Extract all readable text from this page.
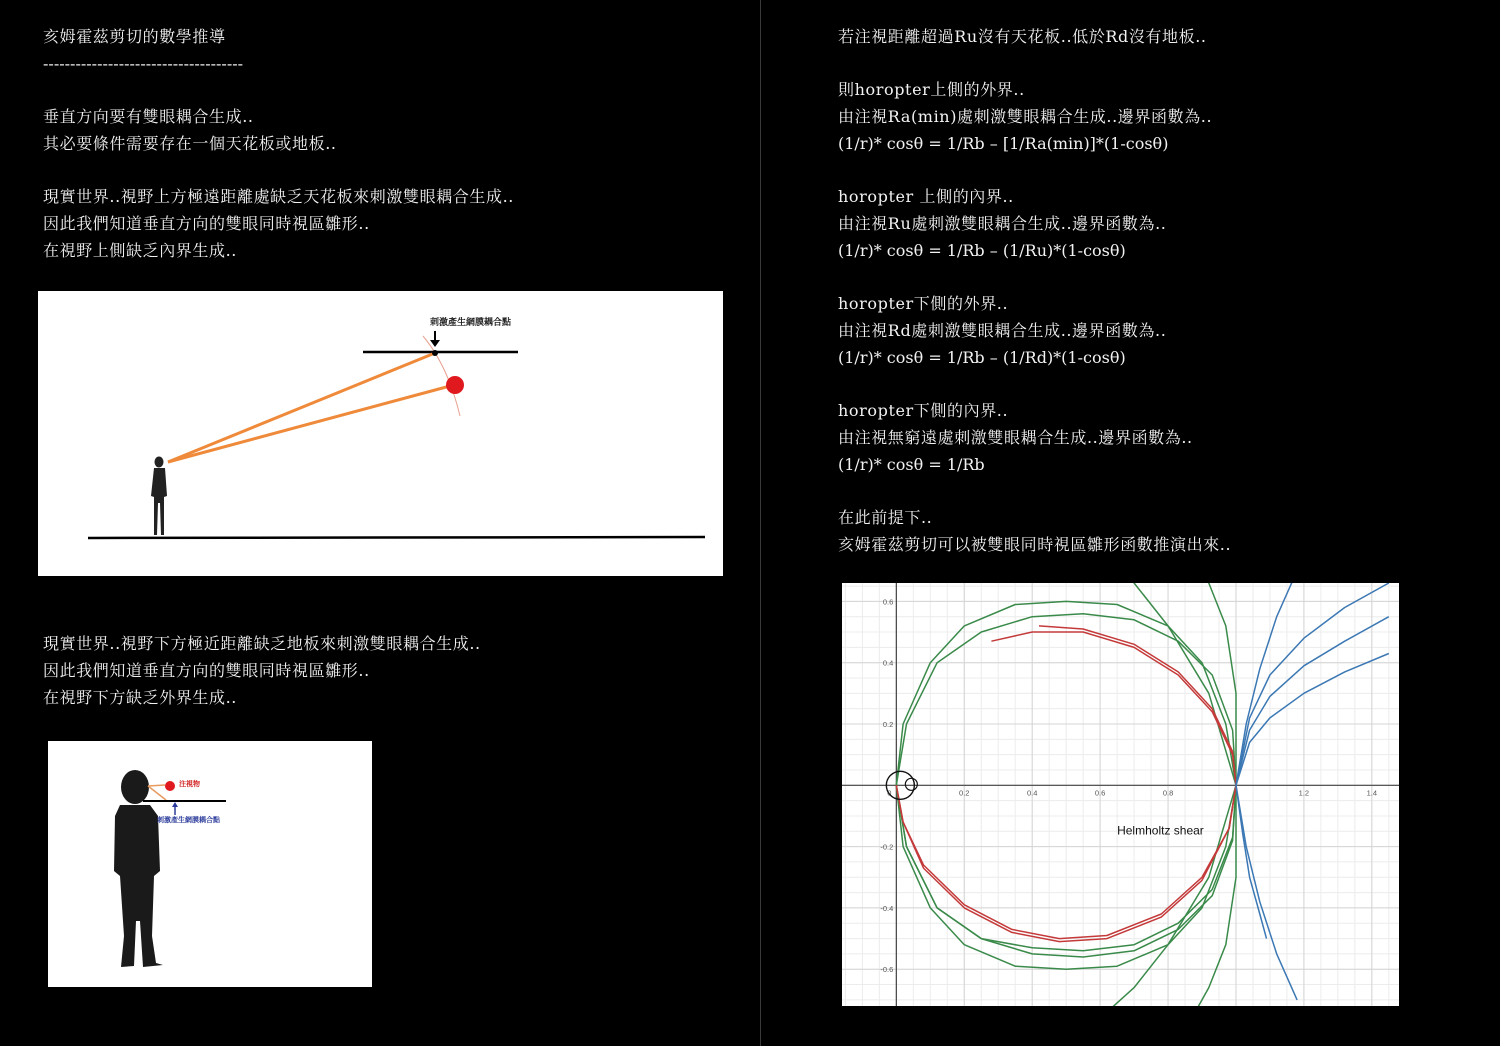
亥姆霍茲剪切的數學推導
-------------------------------------
垂直方向要有雙眼耦合生成..
其必要條件需要存在一個天花板或地板..
現實世界..視野上方極遠距離處缺乏天花板來刺激雙眼耦合生成..
因此我們知道垂直方向的雙眼同時視區雛形..
在視野上側缺乏內界生成..
刺激產生網膜耦合點
現實世界..視野下方極近距離缺乏地板來刺激雙眼耦合生成..
因此我們知道垂直方向的雙眼同時視區雛形..
在視野下方缺乏外界生成..
注視物
刺激產生網膜耦合點
若注視距離超過Ru沒有天花板..低於Rd沒有地板..
則horopter上側的外界..
由注視Ra(min)處刺激雙眼耦合生成..邊界函數為..
(1/r)* cosθ = 1/Rb – [1/Ra(min)]*(1-cosθ)
horopter 上側的內界..
由注視Ru處刺激雙眼耦合生成..邊界函數為..
(1/r)* cosθ = 1/Rb – (1/Ru)*(1-cosθ)
horopter下側的外界..
由注視Rd處刺激雙眼耦合生成..邊界函數為..
(1/r)* cosθ = 1/Rb – (1/Rd)*(1-cosθ)
horopter下側的內界..
由注視無窮遠處刺激雙眼耦合生成..邊界函數為..
(1/r)* cosθ = 1/Rb
在此前提下..
亥姆霍茲剪切可以被雙眼同時視區雛形函數推演出來..
0	0.2	0.4	0.6	0.8	1.2	1.4
0.6
0.4
0.2
-0.2
-0.4
-0.6
Helmholtz shear
